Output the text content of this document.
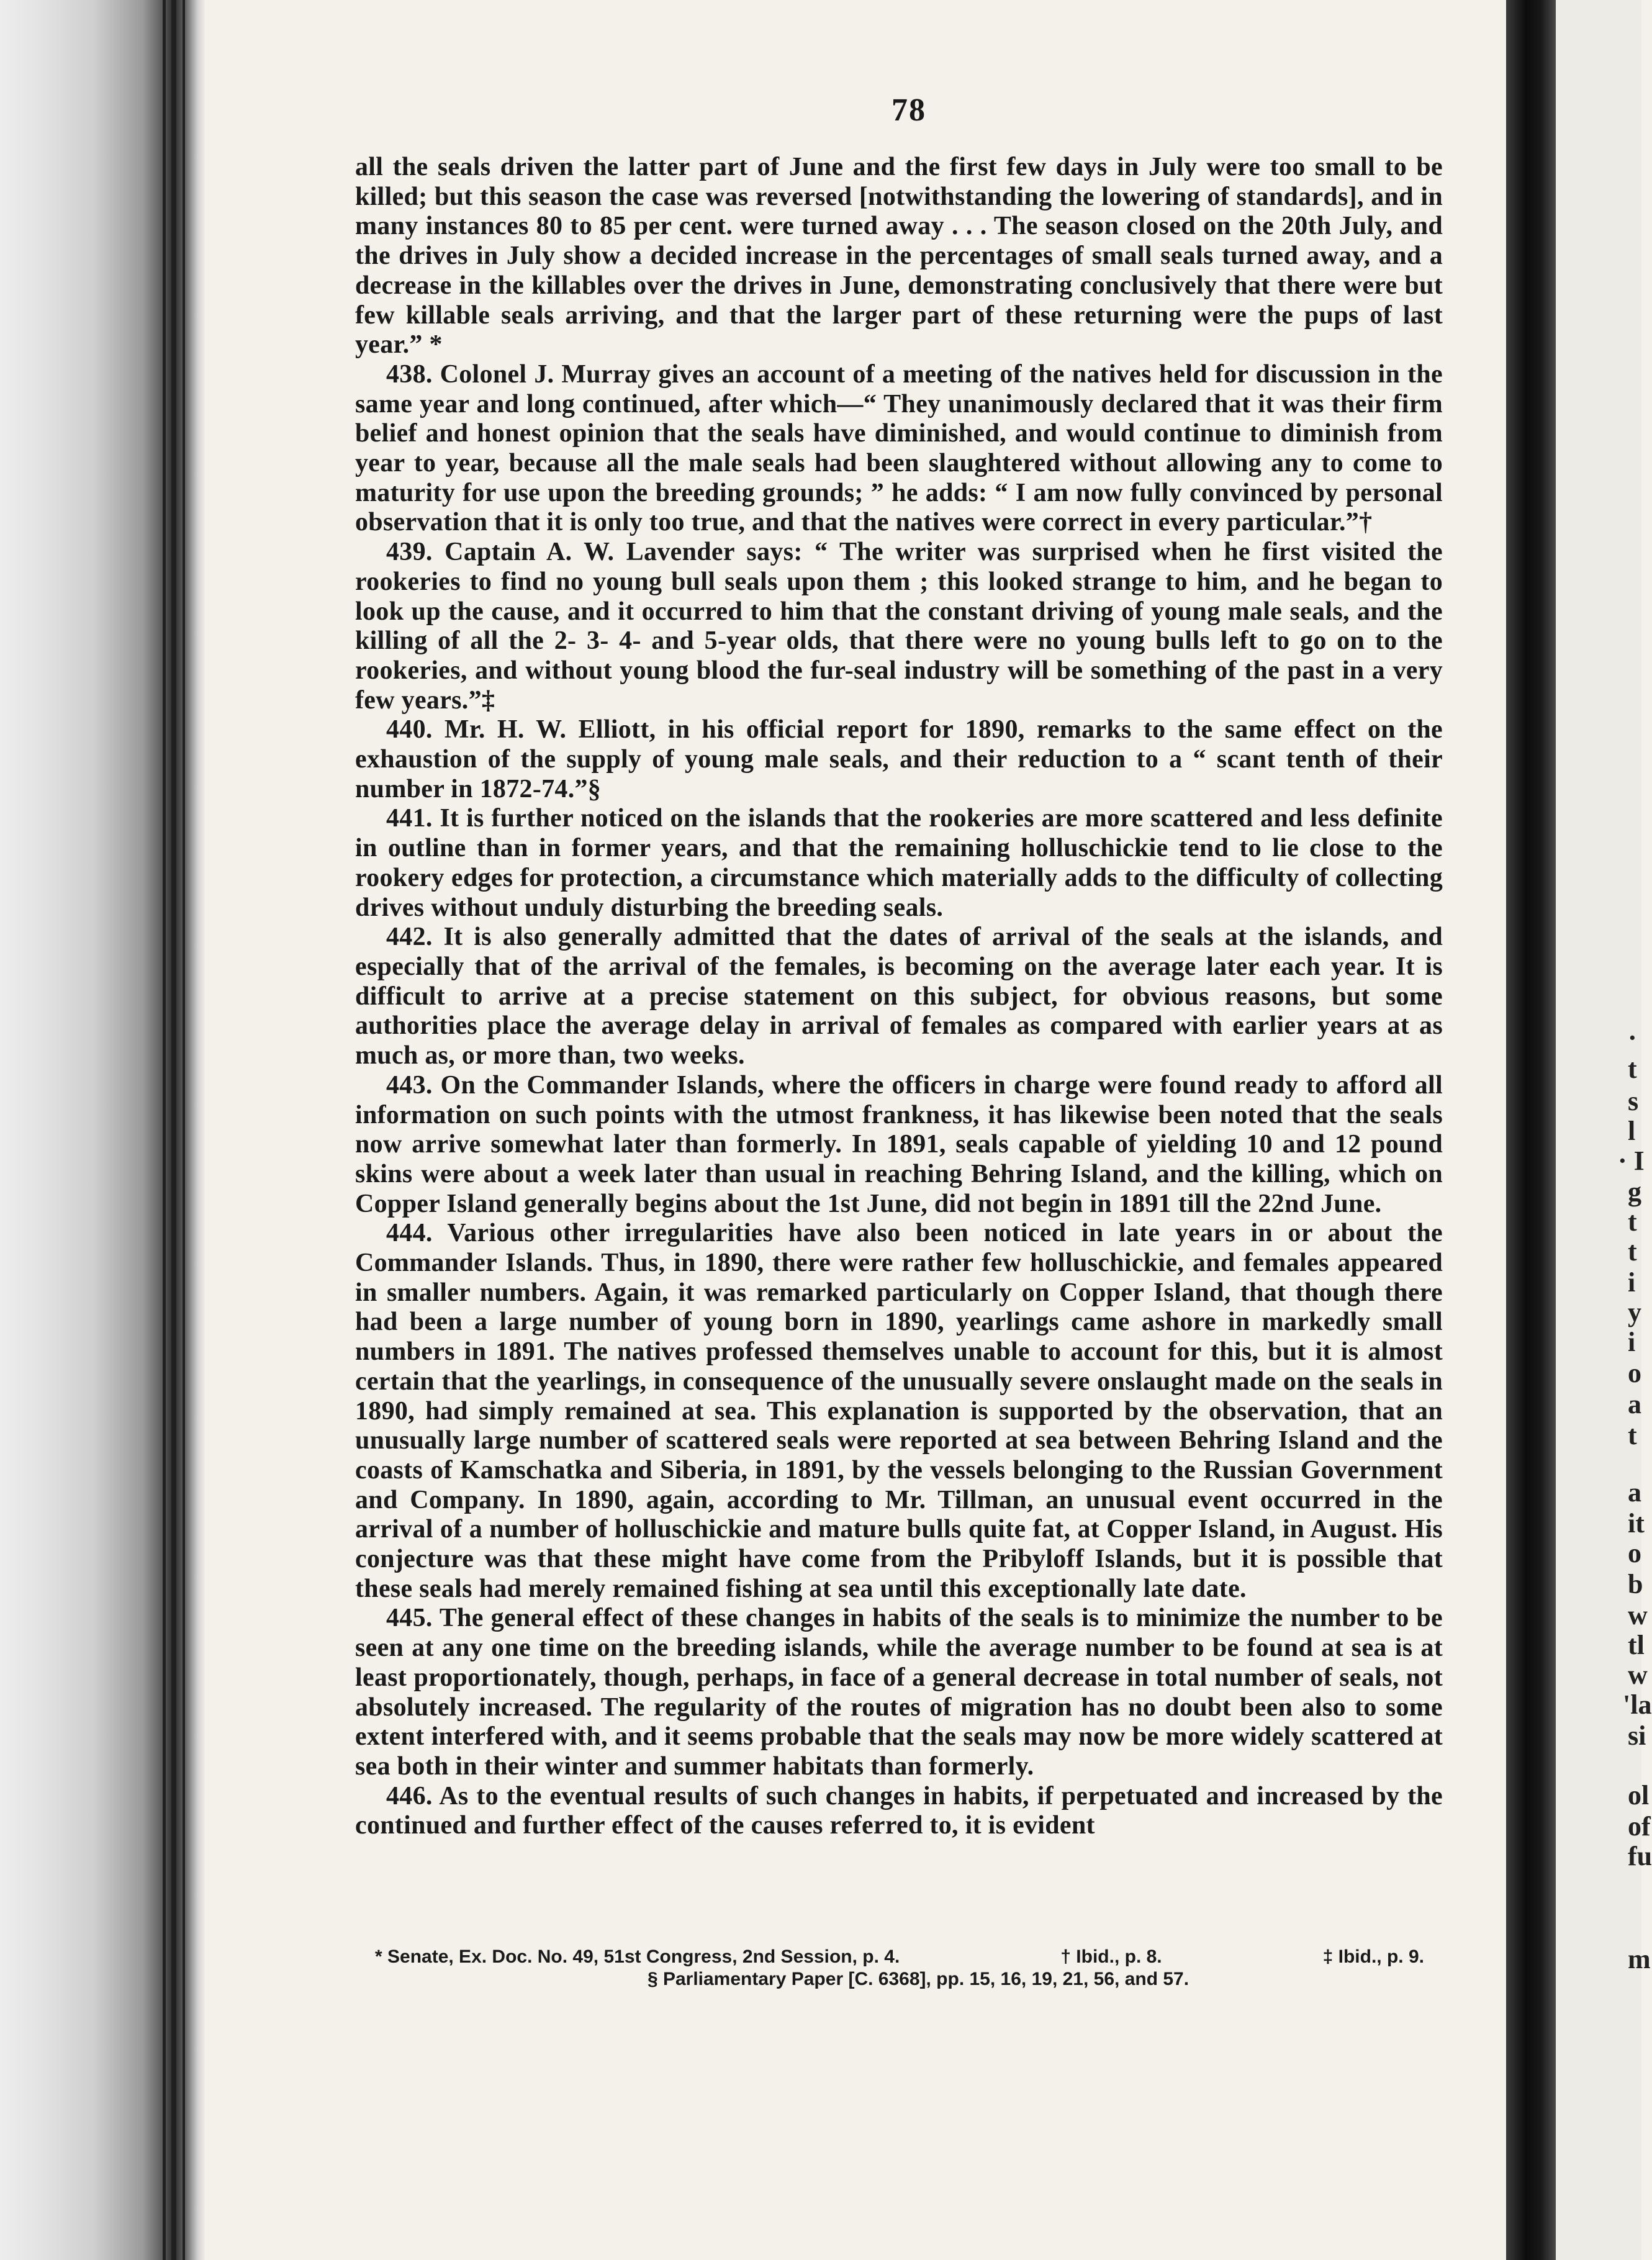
·
t
s
l
· I
g
t
t
i
y
i
o
a
t
a
it
o
b
w
tl
w
'la
si
ol
of
fu
m
78

all the seals driven the latter part of June and the first few days in July were too small to be killed; but this season the case was reversed [notwithstanding the lowering of standards], and in many instances 80 to 85 per cent. were turned away . . . The season closed on the 20th July, and the drives in July show a decided increase in the percentages of small seals turned away, and a decrease in the killables over the drives in June, demonstrating conclusively that there were but few killable seals arriving, and that the larger part of these returning were the pups of last year.” *

438. Colonel J. Murray gives an account of a meeting of the natives held for discussion in the same year and long continued, after which—“ They unanimously declared that it was their firm belief and honest opinion that the seals have diminished, and would continue to diminish from year to year, because all the male seals had been slaughtered without allowing any to come to maturity for use upon the breeding grounds; ” he adds: “ I am now fully convinced by personal observation that it is only too true, and that the natives were correct in every particular.”†

439. Captain A. W. Lavender says: “ The writer was surprised when he first visited the rookeries to find no young bull seals upon them ; this looked strange to him, and he began to look up the cause, and it occurred to him that the constant driving of young male seals, and the killing of all the 2- 3- 4- and 5-year olds, that there were no young bulls left to go on to the rookeries, and without young blood the fur-seal industry will be something of the past in a very few years.”‡

440. Mr. H. W. Elliott, in his official report for 1890, remarks to the same effect on the exhaustion of the supply of young male seals, and their reduction to a “ scant tenth of their number in 1872-74.”§

441. It is further noticed on the islands that the rookeries are more scattered and less definite in outline than in former years, and that the remaining holluschickie tend to lie close to the rookery edges for protection, a circumstance which materially adds to the difficulty of collecting drives without unduly disturbing the breeding seals.

442. It is also generally admitted that the dates of arrival of the seals at the islands, and especially that of the arrival of the females, is becoming on the average later each year. It is difficult to arrive at a precise statement on this subject, for obvious reasons, but some authorities place the average delay in arrival of females as compared with earlier years at as much as, or more than, two weeks.

443. On the Commander Islands, where the officers in charge were found ready to afford all information on such points with the utmost frankness, it has likewise been noted that the seals now arrive somewhat later than formerly. In 1891, seals capable of yielding 10 and 12 pound skins were about a week later than usual in reaching Behring Island, and the killing, which on Copper Island generally begins about the 1st June, did not begin in 1891 till the 22nd June.

444. Various other irregularities have also been noticed in late years in or about the Commander Islands. Thus, in 1890, there were rather few holluschickie, and females appeared in smaller numbers. Again, it was remarked particularly on Copper Island, that though there had been a large number of young born in 1890, yearlings came ashore in markedly small numbers in 1891. The natives professed themselves unable to account for this, but it is almost certain that the yearlings, in consequence of the unusually severe onslaught made on the seals in 1890, had simply remained at sea. This explanation is supported by the observation, that an unusually large number of scattered seals were reported at sea between Behring Island and the coasts of Kamschatka and Siberia, in 1891, by the vessels belonging to the Russian Government and Company. In 1890, again, according to Mr. Tillman, an unusual event occurred in the arrival of a number of holluschickie and mature bulls quite fat, at Copper Island, in August. His conjecture was that these might have come from the Pribyloff Islands, but it is possible that these seals had merely remained fishing at sea until this exceptionally late date.

445. The general effect of these changes in habits of the seals is to minimize the number to be seen at any one time on the breeding islands, while the average number to be found at sea is at least proportionately, though, perhaps, in face of a general decrease in total number of seals, not absolutely increased. The regularity of the routes of migration has no doubt been also to some extent interfered with, and it seems probable that the seals may now be more widely scattered at sea both in their winter and summer habitats than formerly.

446. As to the eventual results of such changes in habits, if perpetuated and increased by the continued and further effect of the causes referred to, it is evident

* Senate, Ex. Doc. No. 49, 51st Congress, 2nd Session, p. 4.	† Ibid., p. 8.	‡ Ibid., p. 9.
§ Parliamentary Paper [C. 6368], pp. 15, 16, 19, 21, 56, and 57.
